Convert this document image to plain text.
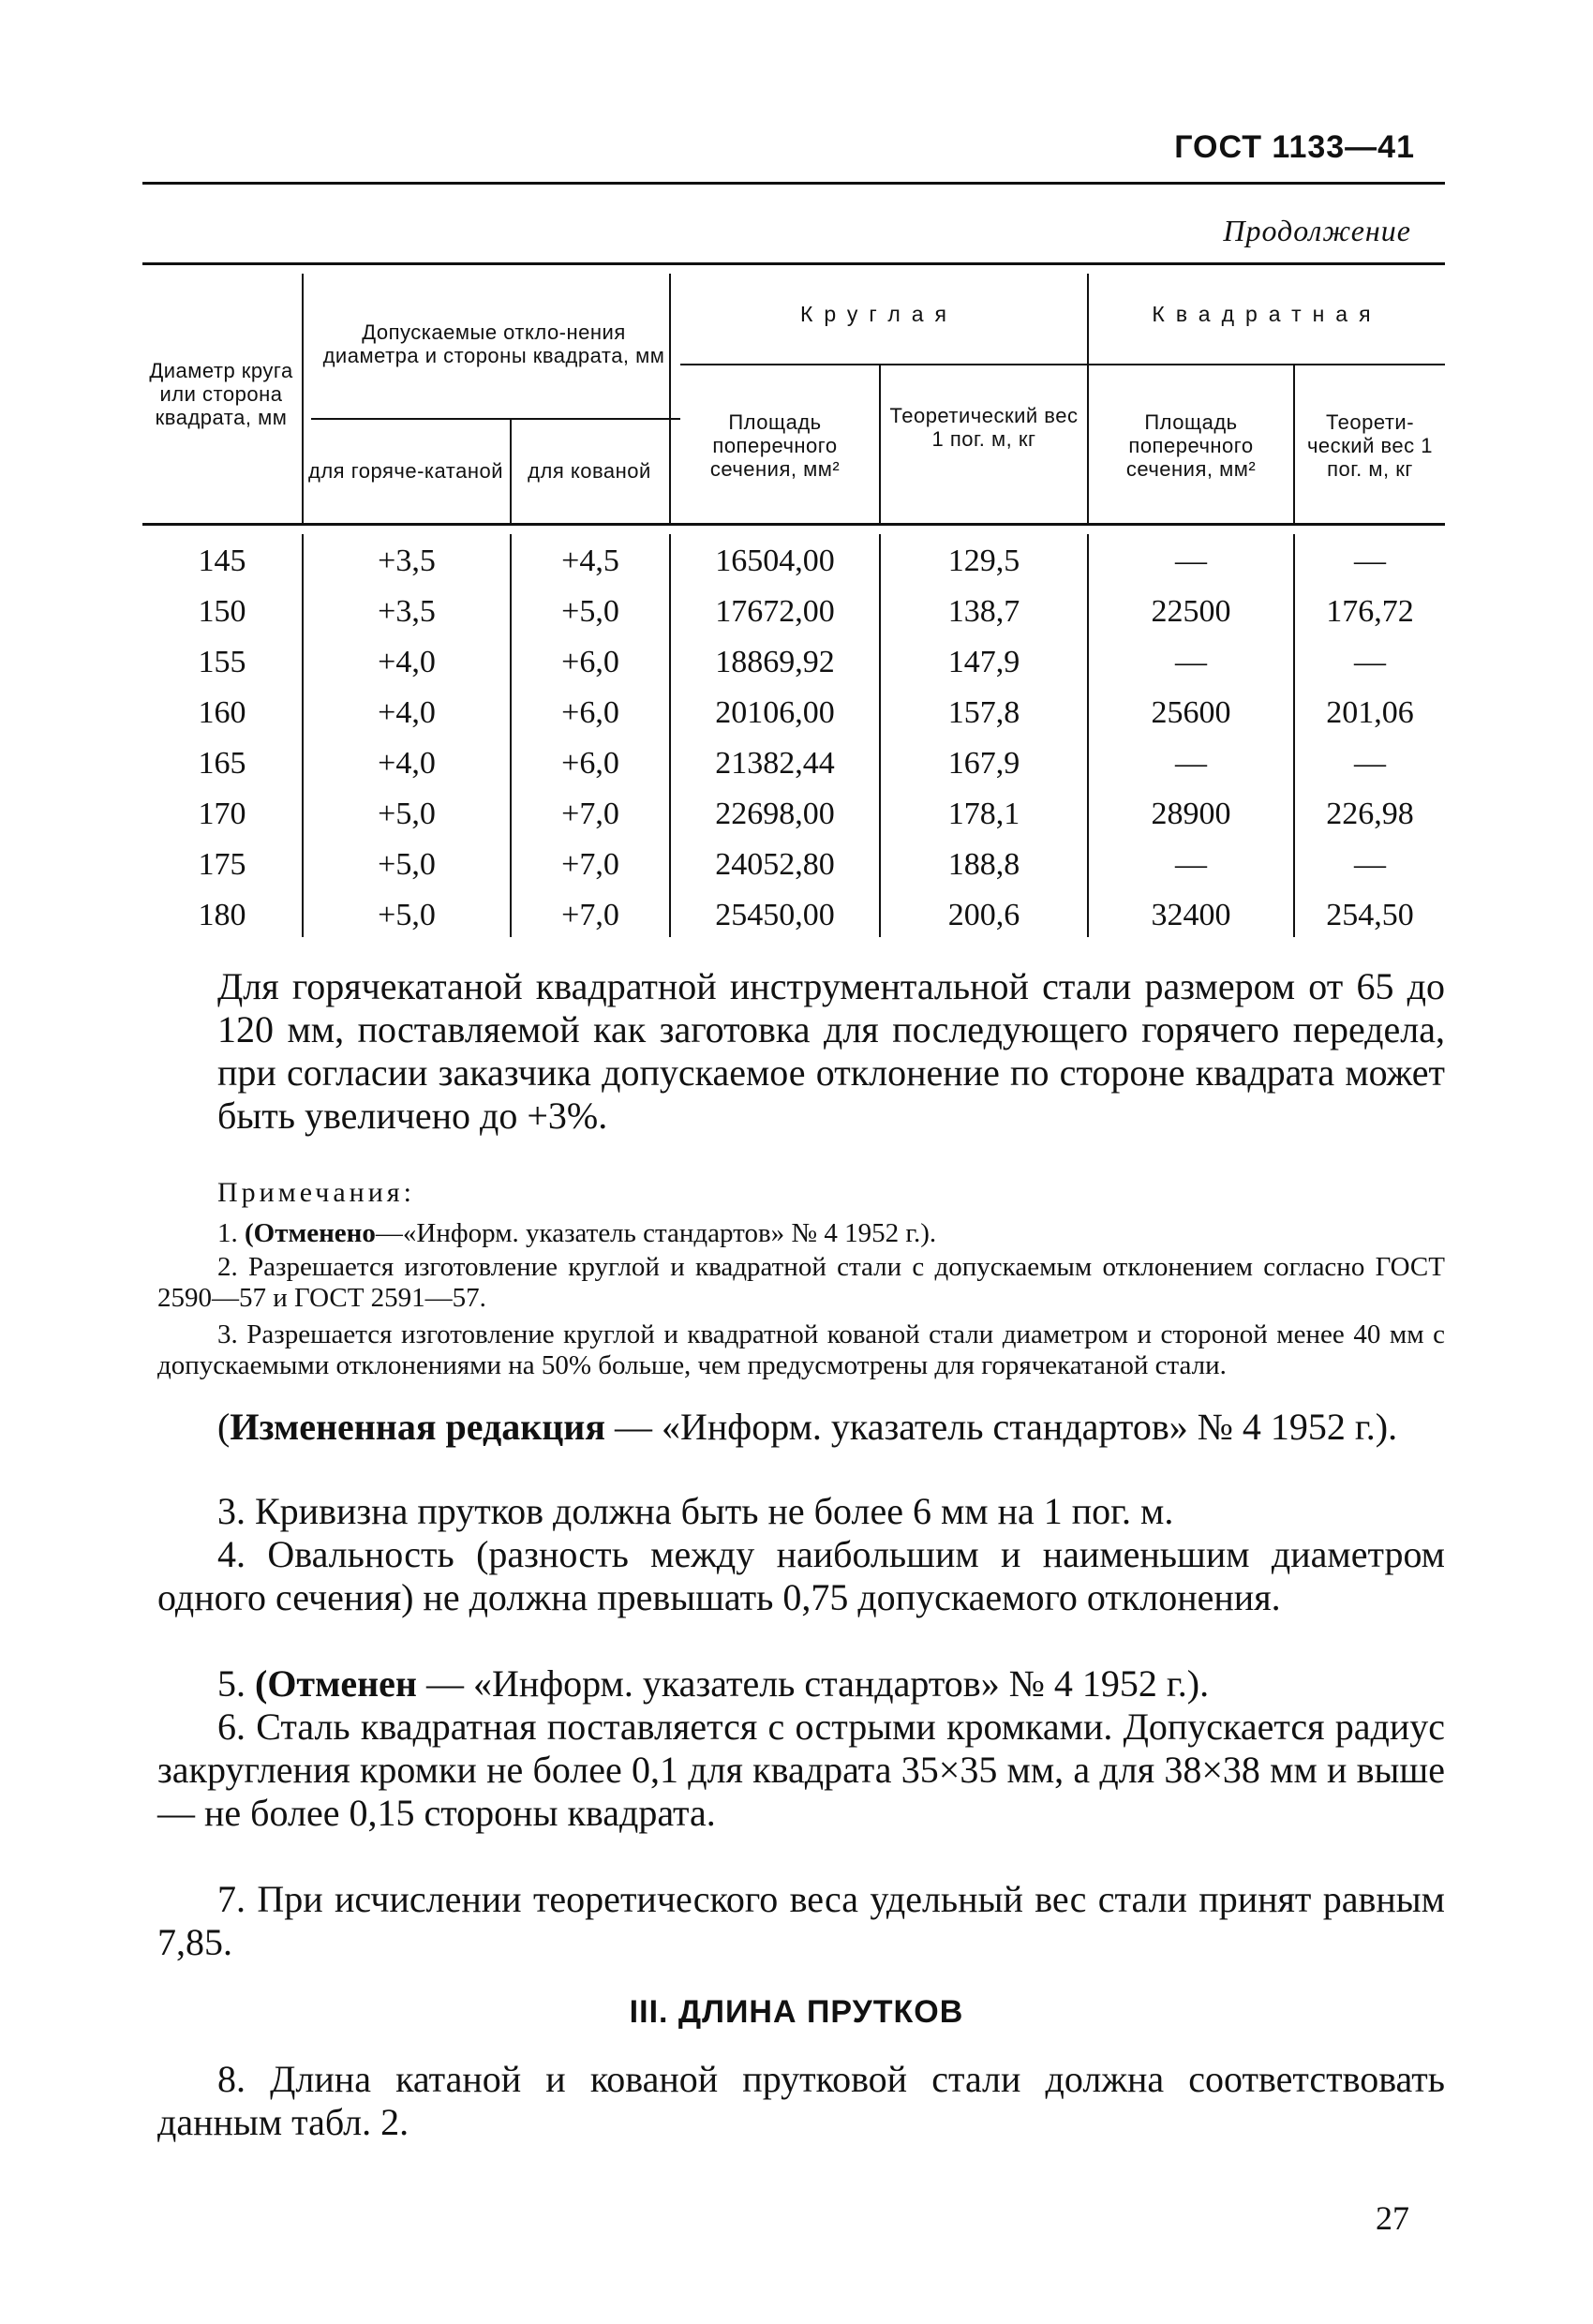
ГОСТ 1133—41
Продолжение
Диаметр круга или сторона квадрата, мм
Допускаемые откло-нения диаметра и стороны квадрата, мм
для горяче-катаной	для кованой
Круглая	Квадратная
Площадь поперечного сечения, мм²
Теоретический вес 1 пог. м, кг
Площадь поперечного сечения, мм²
Теорети-ческий вес 1 пог. м, кг
145	+3,5	+4,5	16504,00	129,5	—	—
150	+3,5	+5,0	17672,00	138,7	22500	176,72
155	+4,0	+6,0	18869,92	147,9	—	—
160	+4,0	+6,0	20106,00	157,8	25600	201,06
165	+4,0	+6,0	21382,44	167,9	—	—
170	+5,0	+7,0	22698,00	178,1	28900	226,98
175	+5,0	+7,0	24052,80	188,8	—	—
180	+5,0	+7,0	25450,00	200,6	32400	254,50
Для горячекатаной квадратной инструментальной стали размером от 65 до 120 мм, поставляемой как заготовка для последующего горячего передела, при согласии заказчика допускаемое отклонение по стороне квадрата может быть увеличено до +3%.
Примечания:
1. (Отменено—«Информ. указатель стандартов» № 4 1952 г.).
2. Разрешается изготовление круглой и квадратной стали с допускаемым отклонением согласно ГОСТ 2590—57 и ГОСТ 2591—57.
3. Разрешается изготовление круглой и квадратной кованой стали диаметром и стороной менее 40 мм с допускаемыми отклонениями на 50% больше, чем предусмотрены для горячекатаной стали.
(Измененная редакция — «Информ. указатель стандартов» № 4 1952 г.).
3. Кривизна прутков должна быть не более 6 мм на 1 пог. м.
4. Овальность (разность между наибольшим и наименьшим диаметром одного сечения) не должна превышать 0,75 допускаемого отклонения.
5. (Отменен — «Информ. указатель стандартов» № 4 1952 г.).
6. Сталь квадратная поставляется с острыми кромками. Допускается радиус закругления кромки не более 0,1 для квадрата 35×35 мм, а для 38×38 мм и выше — не более 0,15 стороны квадрата.
7. При исчислении теоретического веса удельный вес стали принят равным 7,85.
III. ДЛИНА ПРУТКОВ
8. Длина катаной и кованой прутковой стали должна соответствовать данным табл. 2.
27
